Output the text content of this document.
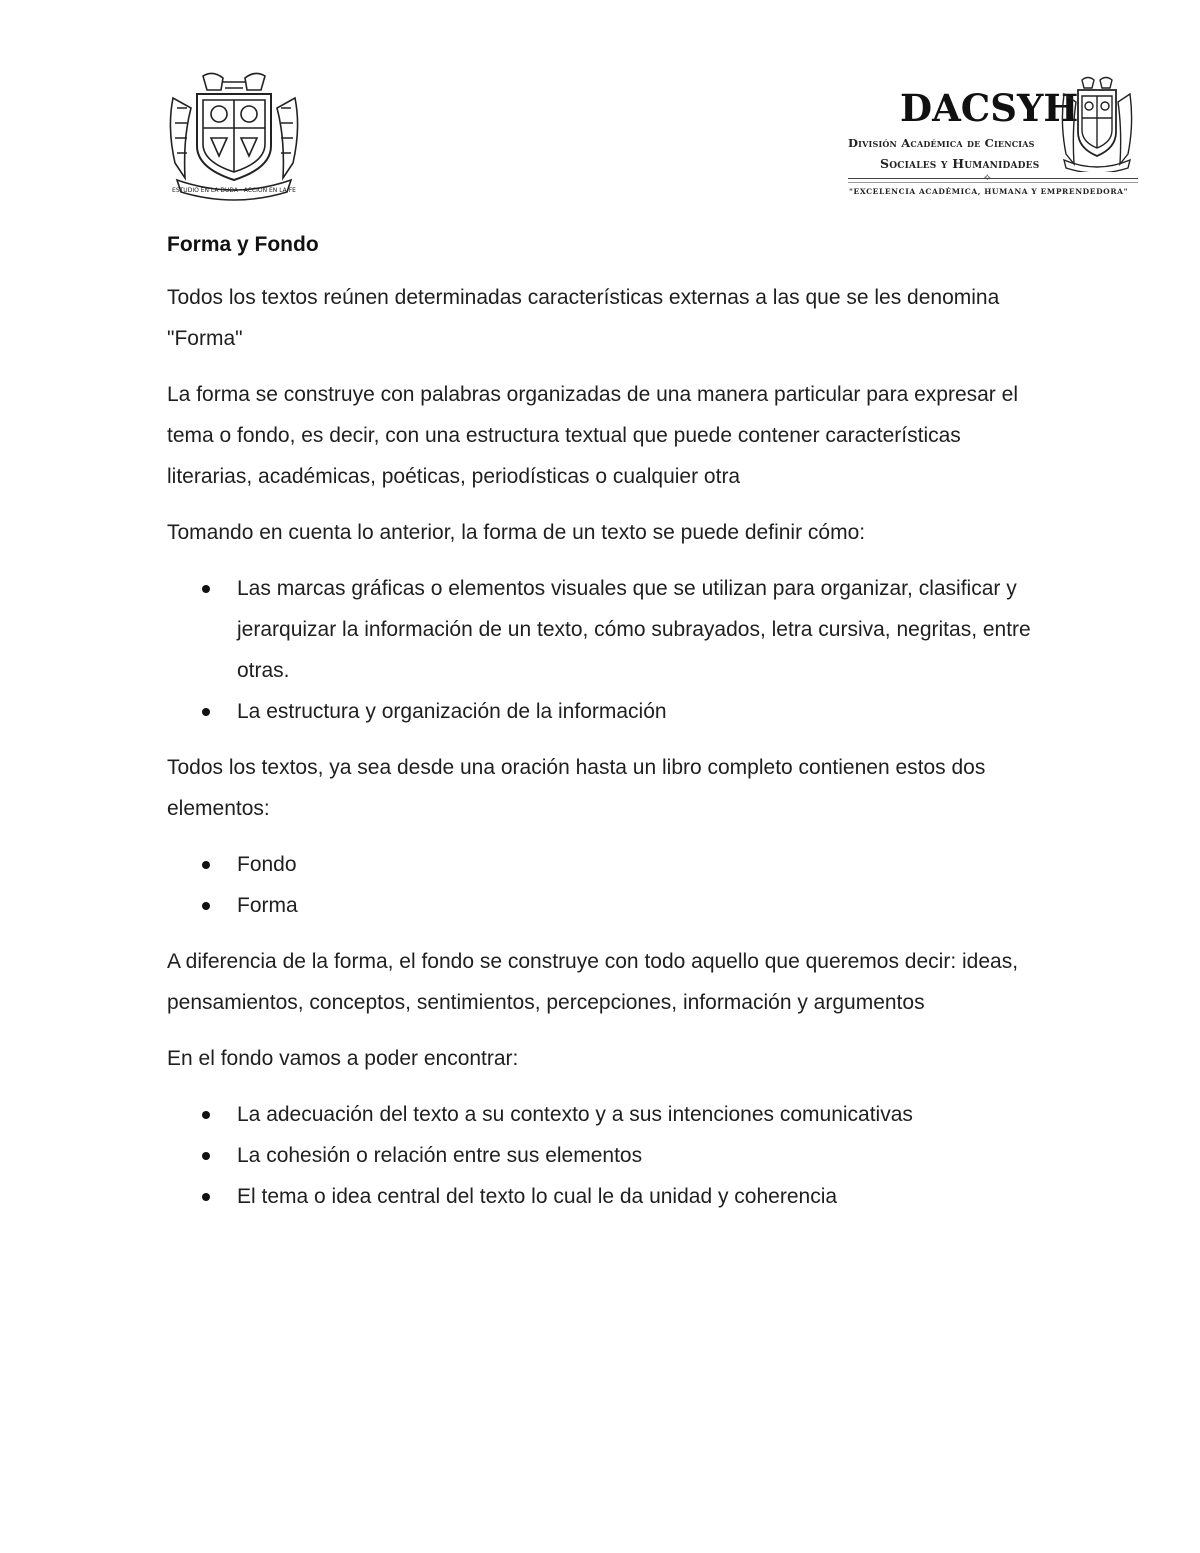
ESTUDIO EN LA DUDA · ACCION EN LA FE
DACSYH
División Académica de Ciencias
Sociales y Humanidades
⟡
"EXCELENCIA ACADÉMICA, HUMANA Y EMPRENDEDORA"
Forma y Fondo

Todos los textos reúnen determinadas características externas a las que se les denomina "Forma"

La forma se construye con palabras organizadas de una manera particular para expresar el tema o fondo, es decir, con una estructura textual que puede contener características literarias, académicas, poéticas, periodísticas o cualquier otra

Tomando en cuenta lo anterior, la forma de un texto se puede definir cómo:

Las marcas gráficas o elementos visuales que se utilizan para organizar, clasificar y jerarquizar la información de un texto, cómo subrayados, letra cursiva, negritas, entre otras.
La estructura y organización de la información

Todos los textos, ya sea desde una oración hasta un libro completo contienen estos dos elementos:

Fondo
Forma

A diferencia de la forma, el fondo se construye con todo aquello que queremos decir: ideas, pensamientos, conceptos, sentimientos, percepciones, información y argumentos

En el fondo vamos a poder encontrar:

La adecuación del texto a su contexto y a sus intenciones comunicativas
La cohesión o relación entre sus elementos
El tema o idea central del texto lo cual le da unidad y coherencia
